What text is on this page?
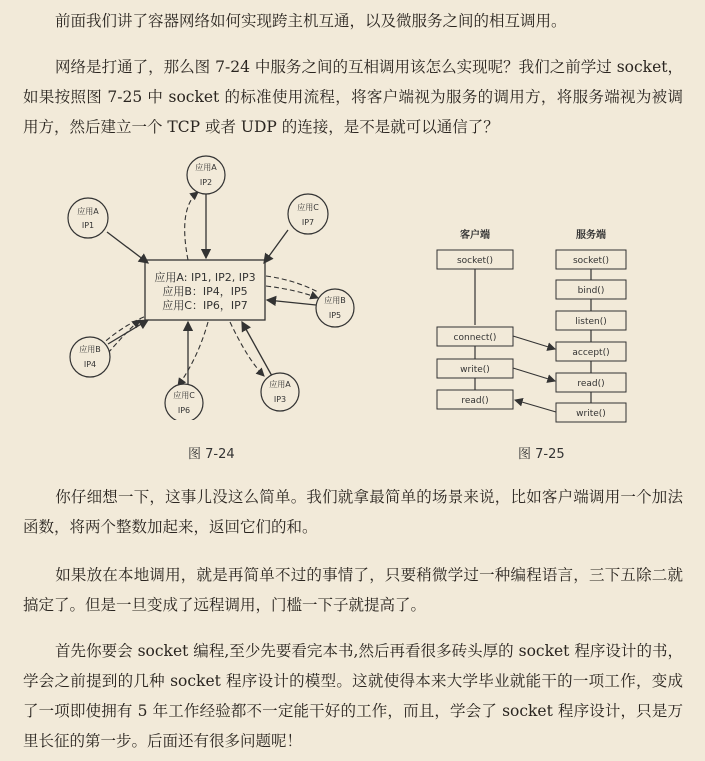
前面我们讲了容器网络如何实现跨主机互通，以及微服务之间的相互调用。

网络是打通了，那么图 7-24 中服务之间的互相调用该怎么实现呢？我们之前学过 socket，如果按照图 7-25 中 socket 的标准使用流程，将客户端视为服务的调用方，将服务端视为被调用方，然后建立一个 TCP 或者 UDP 的连接，是不是就可以通信了？

应用A: IP1, IP2, IP3
应用B：IP4，IP5
应用C：IP6，IP7
应用A
IP1
应用A
IP2
应用C
IP7
应用B
IP5
应用B
IP4
应用C
IP6
应用A
IP3
图 7-24
客户端	服务端
socket()
connect()
write()
read()
socket()
bind()
listen()
accept()
read()
write()
图 7-25

你仔细想一下，这事儿没这么简单。我们就拿最简单的场景来说，比如客户端调用一个加法函数，将两个整数加起来，返回它们的和。

如果放在本地调用，就是再简单不过的事情了，只要稍微学过一种编程语言，三下五除二就搞定了。但是一旦变成了远程调用，门槛一下子就提高了。

首先你要会 socket 编程,至少先要看完本书,然后再看很多砖头厚的 socket 程序设计的书，学会之前提到的几种 socket 程序设计的模型。这就使得本来大学毕业就能干的一项工作，变成了一项即使拥有 5 年工作经验都不一定能干好的工作，而且，学会了 socket 程序设计，只是万里长征的第一步。后面还有很多问题呢！
